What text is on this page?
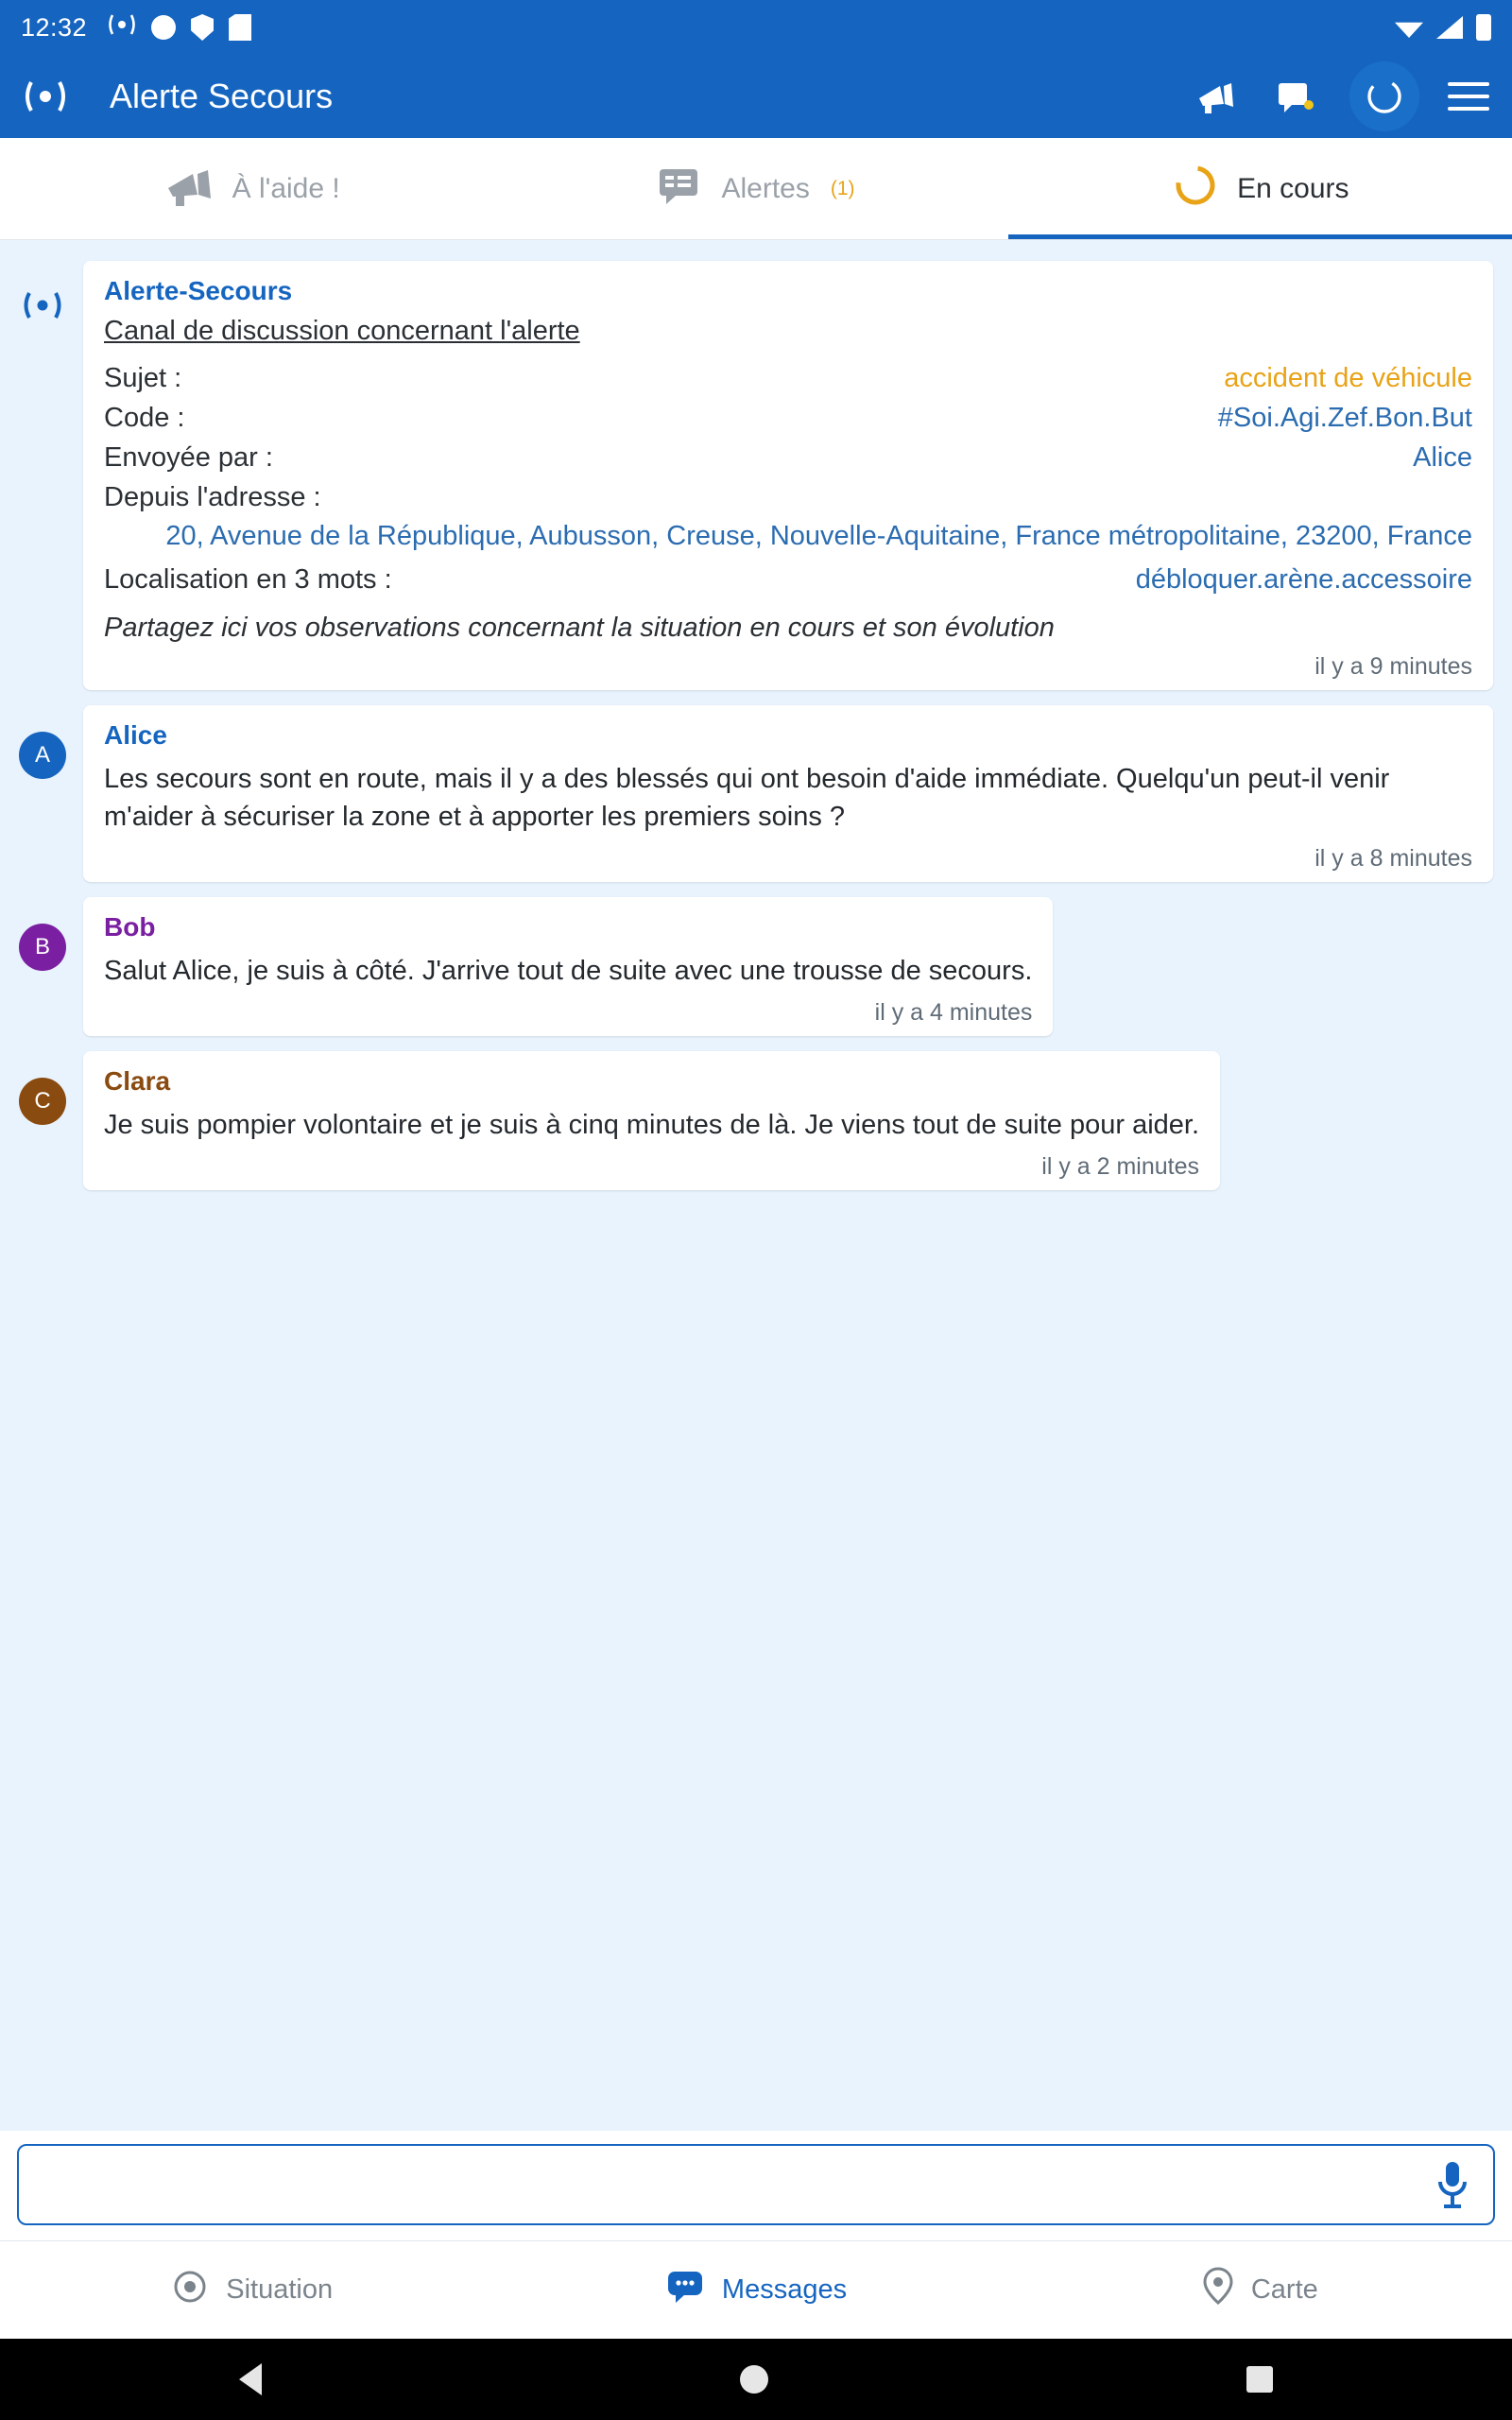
12:32
Alerte Secours
À l'aide !	Alertes (1)	En cours
Alerte-Secours
Canal de discussion concernant l'alerte
Sujet :	accident de véhicule
Code :	#Soi.Agi.Zef.Bon.But
Envoyée par :	Alice
Depuis l'adresse :
20, Avenue de la République, Aubusson, Creuse, Nouvelle-Aquitaine, France métropolitaine, 23200, France
Localisation en 3 mots :	débloquer.arène.accessoire
Partagez ici vos observations concernant la situation en cours et son évolution
il y a 9 minutes
A
Alice
Les secours sont en route, mais il y a des blessés qui ont besoin d'aide immédiate. Quelqu'un peut-il venir m'aider à sécuriser la zone et à apporter les premiers soins ?
il y a 8 minutes
B
Bob
Salut Alice, je suis à côté. J'arrive tout de suite avec une trousse de secours.
il y a 4 minutes
C
Clara
Je suis pompier volontaire et je suis à cinq minutes de là. Je viens tout de suite pour aider.
il y a 2 minutes
Situation	Messages	Carte
